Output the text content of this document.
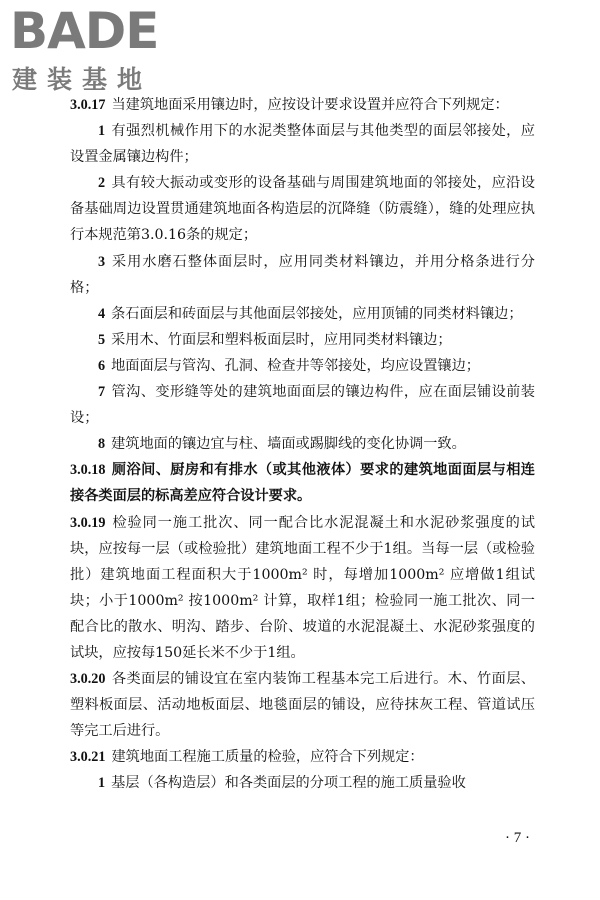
BADE
建装基地

3.0.17 当建筑地面采用镶边时，应按设计要求设置并应符合下列规定：

1 有强烈机械作用下的水泥类整体面层与其他类型的面层邻接处，应设置金属镶边构件；

2 具有较大振动或变形的设备基础与周围建筑地面的邻接处，应沿设备基础周边设置贯通建筑地面各构造层的沉降缝（防震缝），缝的处理应执行本规范第3.0.16条的规定；

3 采用水磨石整体面层时，应用同类材料镶边，并用分格条进行分格；

4 条石面层和砖面层与其他面层邻接处，应用顶铺的同类材料镶边；

5 采用木、竹面层和塑料板面层时，应用同类材料镶边；

6 地面面层与管沟、孔洞、检查井等邻接处，均应设置镶边；

7 管沟、变形缝等处的建筑地面面层的镶边构件，应在面层铺设前装设；

8 建筑地面的镶边宜与柱、墙面或踢脚线的变化协调一致。

3.0.18 厕浴间、厨房和有排水（或其他液体）要求的建筑地面面层与相连接各类面层的标高差应符合设计要求。

3.0.19 检验同一施工批次、同一配合比水泥混凝土和水泥砂浆强度的试块，应按每一层（或检验批）建筑地面工程不少于1组。当每一层（或检验批）建筑地面工程面积大于1000m² 时，每增加1000m² 应增做1组试块；小于1000m² 按1000m² 计算，取样1组；检验同一施工批次、同一配合比的散水、明沟、踏步、台阶、坡道的水泥混凝土、水泥砂浆强度的试块，应按每150延长米不少于1组。

3.0.20 各类面层的铺设宜在室内装饰工程基本完工后进行。木、竹面层、塑料板面层、活动地板面层、地毯面层的铺设，应待抹灰工程、管道试压等完工后进行。

3.0.21 建筑地面工程施工质量的检验，应符合下列规定：

1 基层（各构造层）和各类面层的分项工程的施工质量验收

· 7 ·
